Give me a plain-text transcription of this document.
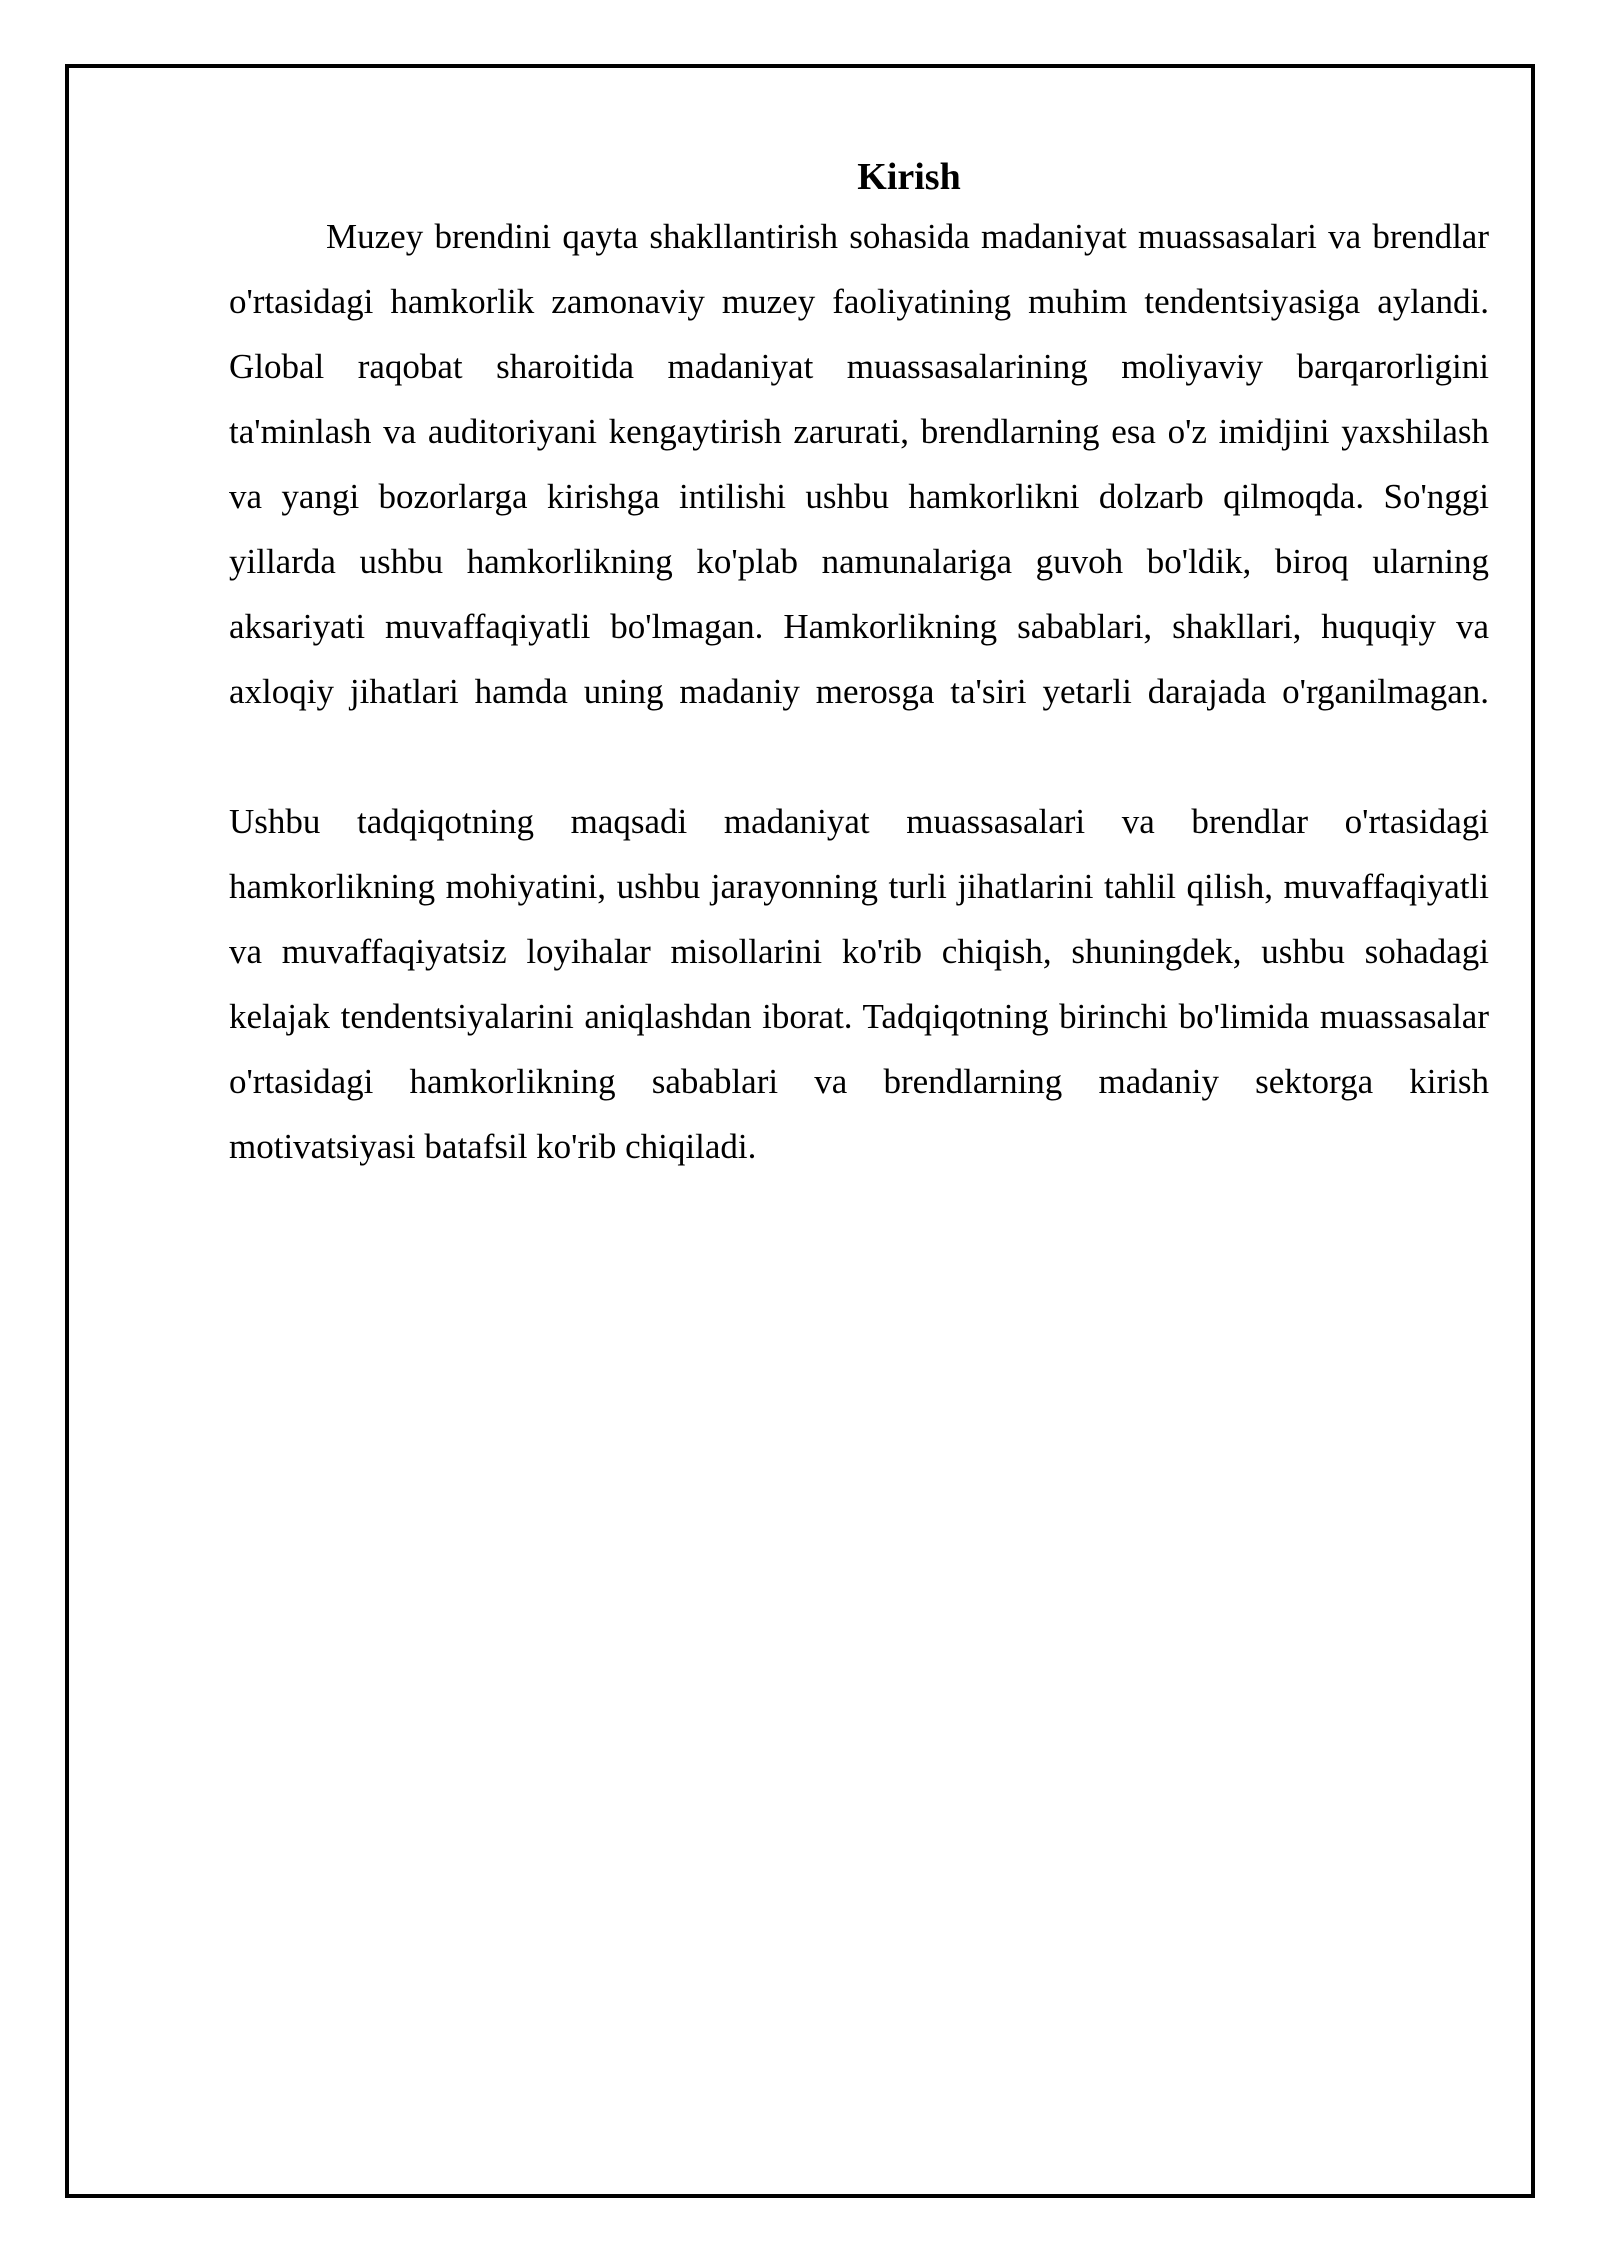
Kirish

Muzey brendini qayta shakllantirish sohasida madaniyat muassasalari va brendlar o'rtasidagi hamkorlik zamonaviy muzey faoliyatining muhim tendentsiyasiga aylandi. Global raqobat sharoitida madaniyat muassasalarining moliyaviy barqarorligini ta'minlash va auditoriyani kengaytirish zarurati, brendlarning esa o'z imidjini yaxshilash va yangi bozorlarga kirishga intilishi ushbu hamkorlikni dolzarb qilmoqda. So'nggi yillarda ushbu hamkorlikning ko'plab namunalariga guvoh bo'ldik, biroq ularning aksariyati muvaffaqiyatli bo'lmagan. Hamkorlikning sabablari, shakllari, huquqiy va axloqiy jihatlari hamda uning madaniy merosga ta'siri yetarli darajada o'rganilmagan.

Ushbu tadqiqotning maqsadi madaniyat muassasalari va brendlar o'rtasidagi hamkorlikning mohiyatini, ushbu jarayonning turli jihatlarini tahlil qilish, muvaffaqiyatli va muvaffaqiyatsiz loyihalar misollarini ko'rib chiqish, shuningdek, ushbu sohadagi kelajak tendentsiyalarini aniqlashdan iborat. Tadqiqotning birinchi bo'limida muassasalar o'rtasidagi hamkorlikning sabablari va brendlarning madaniy sektorga kirish motivatsiyasi batafsil ko'rib chiqiladi.
